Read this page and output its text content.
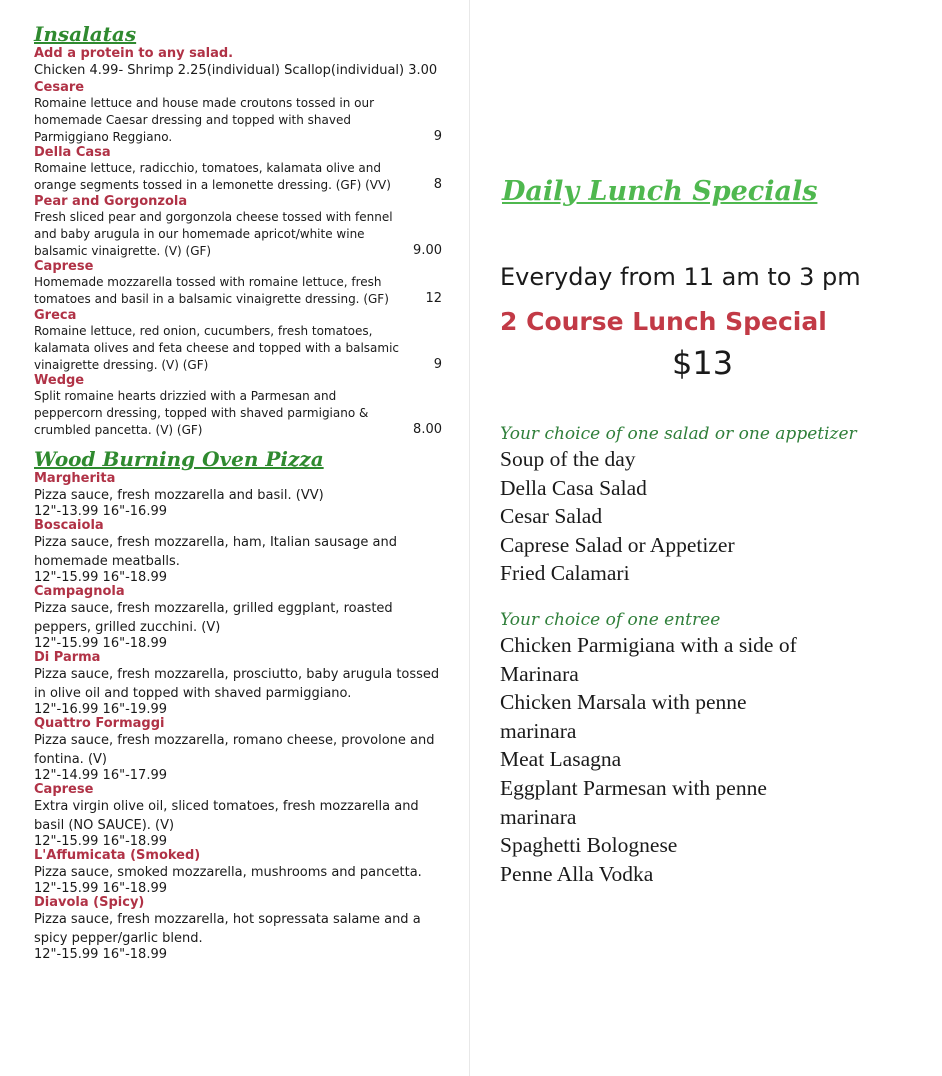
Insalatas
Add a protein to any salad.
Chicken 4.99- Shrimp 2.25(individual) Scallop(individual) 3.00
Cesare
Romaine lettuce and house made croutons tossed in our homemade Caesar dressing and topped with shaved Parmiggiano Reggiano.	9
Della Casa
Romaine lettuce, radicchio, tomatoes, kalamata olive and orange segments tossed in a lemonette dressing. (GF) (VV)	8
Pear and Gorgonzola
Fresh sliced pear and gorgonzola cheese tossed with fennel and baby arugula in our homemade apricot/white wine balsamic vinaigrette. (V) (GF)	9.00
Caprese
Homemade mozzarella tossed with romaine lettuce, fresh tomatoes and basil in a balsamic vinaigrette dressing. (GF)	12
Greca
Romaine lettuce, red onion, cucumbers, fresh tomatoes, kalamata olives and feta cheese and topped with a balsamic vinaigrette dressing. (V) (GF)	9
Wedge
Split romaine hearts drizzied with a Parmesan and peppercorn dressing, topped with shaved parmigiano & crumbled pancetta. (V) (GF)	8.00
Wood Burning Oven Pizza
Margherita
Pizza sauce, fresh mozzarella and basil. (VV)
12"-13.99 16"-16.99
Boscaiola
Pizza sauce, fresh mozzarella, ham, Italian sausage and homemade meatballs.
12"-15.99 16"-18.99
Campagnola
Pizza sauce, fresh mozzarella, grilled eggplant, roasted peppers, grilled zucchini. (V)
12"-15.99 16"-18.99
Di Parma
Pizza sauce, fresh mozzarella, prosciutto, baby arugula tossed in olive oil and topped with shaved parmiggiano.
12"-16.99 16"-19.99
Quattro Formaggi
Pizza sauce, fresh mozzarella, romano cheese, provolone and fontina. (V)
12"-14.99 16"-17.99
Caprese
Extra virgin olive oil, sliced tomatoes, fresh mozzarella and basil (NO SAUCE). (V)
12"-15.99 16"-18.99
L'Affumicata (Smoked)
Pizza sauce, smoked mozzarella, mushrooms and pancetta.
12"-15.99 16"-18.99
Diavola (Spicy)
Pizza sauce, fresh mozzarella, hot sopressata salame and a spicy pepper/garlic blend.
12"-15.99 16"-18.99
Daily Lunch Specials
Everyday from 11 am to 3 pm
2 Course Lunch Special
$13
Your choice of one salad or one appetizer
Soup of the day
Della Casa Salad
Cesar Salad
Caprese Salad or Appetizer
Fried Calamari
Your choice of one entree
Chicken Parmigiana with a side of
Marinara
Chicken Marsala with penne
marinara
Meat Lasagna
Eggplant Parmesan with penne
marinara
Spaghetti Bolognese
Penne Alla Vodka
